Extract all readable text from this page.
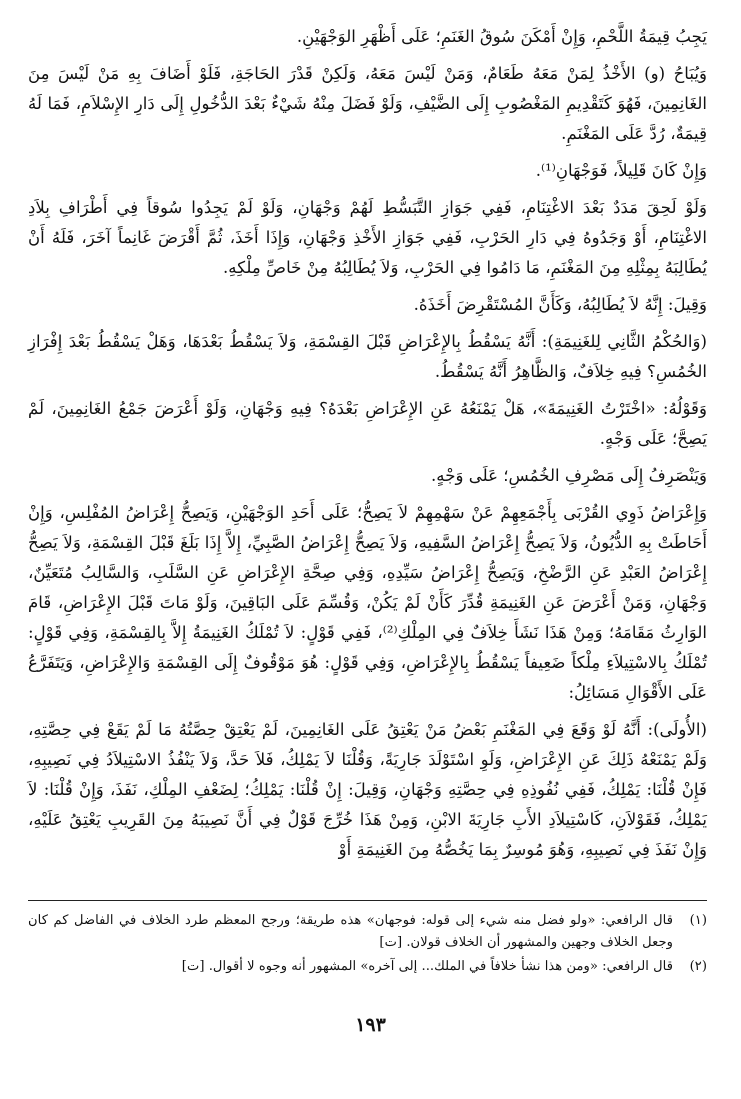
يَجِبُ قِيمَةُ اللَّحْمِ، وَإِنْ أَمْكَنَ سُوقُ الغَنَمِ؛ عَلَى أَظْهَرِ الوَجْهَيْنِ.

وَيُبَاحُ (و) الأَخْذُ لِمَنْ مَعَهُ طَعَامٌ، وَمَنْ لَيْسَ مَعَهُ، وَلَكِنْ قَدْرَ الحَاجَةِ، فَلَوْ أَضَافَ بِهِ مَنْ لَيْسَ مِنَ الغَانِمِينَ، فَهُوَ كَتَقْدِيمِ المَغْصُوبِ إِلَى الضَّيْفِ، وَلَوْ فَضَلَ مِنْهُ شَيْءٌ بَعْدَ الدُّخُولِ إِلَى دَارِ الإِسْلاَمِ، فَمَا لَهُ قِيمَةٌ، رُدَّ عَلَى المَغْنَمِ.

وَإِنْ كَانَ قَلِيلاً، فَوَجْهَانِ⁽¹⁾.

وَلَوْ لَحِقَ مَدَدٌ بَعْدَ الاغْتِنَامِ، فَفِي جَوَازِ التَّبَسُّطِ لَهُمْ وَجْهَانِ، وَلَوْ لَمْ يَجِدُوا سُوقاً فِي أَطْرَافِ بِلاَدِ الاغْتِنَامِ، أَوْ وَجَدُوهُ فِي دَارِ الحَرْبِ، فَفِي جَوَازِ الأَخْذِ وَجْهَانِ، وَإِذَا أَخَذَ، ثُمَّ أَقْرَضَ غَانِماً آخَرَ، فَلَهُ أَنْ يُطَالِبَهُ بِمِثْلِهِ مِنَ المَغْنَمِ، مَا دَامُوا فِي الحَرْبِ، وَلاَ يُطَالِبُهُ مِنْ خَاصِّ مِلْكِهِ.

وَقِيلَ: إِنَّهُ لاَ يُطَالِبُهُ، وَكَأَنَّ المُسْتَقْرِضَ أَخَذَهُ.

(وَالحُكْمُ الثَّانِي لِلغَنِيمَةِ): أَنَّهُ يَسْقُطُ بِالإِعْرَاضِ قَبْلَ القِسْمَةِ، وَلاَ يَسْقُطُ بَعْدَهَا، وَهَلْ يَسْقُطُ بَعْدَ إِفْرَازِ الخُمُسِ؟ فِيهِ خِلاَفٌ، وَالظَّاهِرُ أَنَّهُ يَسْقُطُ.

وَقَوْلُهُ: «اخْتَرْتُ الغَنِيمَةَ»، هَلْ يَمْنَعُهُ عَنِ الإِعْرَاضِ بَعْدَهُ؟ فِيهِ وَجْهَانِ، وَلَوْ أَعْرَضَ جَمْعُ الغَانِمِينَ، لَمْ يَصِحَّ؛ عَلَى وَجْهٍ.

وَيَنْصَرِفُ إِلَى مَصْرِفِ الخُمُسِ؛ عَلَى وَجْهٍ.

وَإِعْرَاضُ ذَوِي القُرْبَى بِأَجْمَعِهِمْ عَنْ سَهْمِهِمْ لاَ يَصِحُّ؛ عَلَى أَحَدِ الوَجْهَيْنِ، وَيَصِحُّ إِعْرَاضُ المُفْلِسِ، وَإِنْ أَحَاطَتْ بِهِ الدُّيُونُ، وَلاَ يَصِحُّ إِعْرَاضُ السَّفِيهِ، وَلاَ يَصِحُّ إِعْرَاضُ الصَّبِيِّ، إِلاَّ إِذَا بَلَغَ قَبْلَ القِسْمَةِ، وَلاَ يَصِحُّ إِعْرَاضُ العَبْدِ عَنِ الرَّضْخِ، وَيَصِحُّ إِعْرَاضُ سَيِّدِهِ، وَفِي صِحَّةِ الإِعْرَاضِ عَنِ السَّلَبِ، وَالسَّالِبُ مُتَعَيِّنٌ، وَجْهَانِ، وَمَنْ أَعْرَضَ عَنِ الغَنِيمَةِ قُدِّرَ كَأَنْ لَمْ يَكُنْ، وَقُسِّمَ عَلَى البَاقِينَ، وَلَوْ مَاتَ قَبْلَ الإِعْرَاضِ، قَامَ الوَارِثُ مَقَامَهُ؛ وَمِنْ هَذَا نَشَأَ خِلاَفٌ فِي المِلْكِ⁽²⁾، فَفِي قَوْلٍ: لاَ تُمْلَكُ الغَنِيمَةُ إِلاَّ بِالقِسْمَةِ، وَفِي قَوْلٍ: تُمْلَكُ بِالاسْتِيلاَءِ مِلْكاً ضَعِيفاً يَسْقُطُ بِالإِعْرَاضِ، وَفِي قَوْلٍ: هُوَ مَوْقُوفٌ إِلَى القِسْمَةِ وَالإِعْرَاضِ، وَيَتَفَرَّعُ عَلَى الأَقْوَالِ مَسَائِلُ:

(الأُولَى): أَنَّهُ لَوْ وَقَعَ فِي المَغْنَمِ بَعْضُ مَنْ يَعْتِقُ عَلَى الغَانِمِينَ، لَمْ يَعْتِقْ حِصَّتُهُ مَا لَمْ يَقَعْ فِي حِصَّتِهِ، وَلَمْ يَمْنَعْهُ ذَلِكَ عَنِ الإِعْرَاضِ، وَلَوِ اسْتَوْلَدَ جَارِيَةً، وَقُلْنَا لاَ يَمْلِكُ، فَلاَ حَدَّ، وَلاَ يَنْفُذُ الاسْتِيلاَدُ فِي نَصِيبِهِ، فَإِنْ قُلْنَا: يَمْلِكُ، فَفِي نُفُوذِهِ فِي حِصَّتِهِ وَجْهَانِ، وَقِيلَ: إِنْ قُلْنَا: يَمْلِكُ؛ لِضَعْفِ المِلْكِ، نَفَذَ، وَإِنْ قُلْنَا: لاَ يَمْلِكُ، فَقَوْلاَنِ، كَاسْتِيلاَدِ الأَبِ جَارِيَةَ الابْنِ، وَمِنْ هَذَا خُرِّجَ قَوْلٌ فِي أَنَّ نَصِيبَهُ مِنَ القَرِيبِ يَعْتِقُ عَلَيْهِ، وَإِنْ نَفَذَ فِي نَصِيبِهِ، وَهُوَ مُوسِرٌ بِمَا يَخُصُّهُ مِنَ الغَنِيمَةِ أَوْ

(١)
قال الرافعي: «ولو فضل منه شيء إلى قوله: فوجهان» هذه طريقة؛ ورجح المعظم طرد الخلاف في الفاضل كم كان وجعل الخلاف وجهين والمشهور أن الخلاف قولان. [ت]
(٢)
قال الرافعي: «ومن هذا نشأ خلافاً في الملك... إلى آخره» المشهور أنه وجوه لا أقوال. [ت]
١٩٣
